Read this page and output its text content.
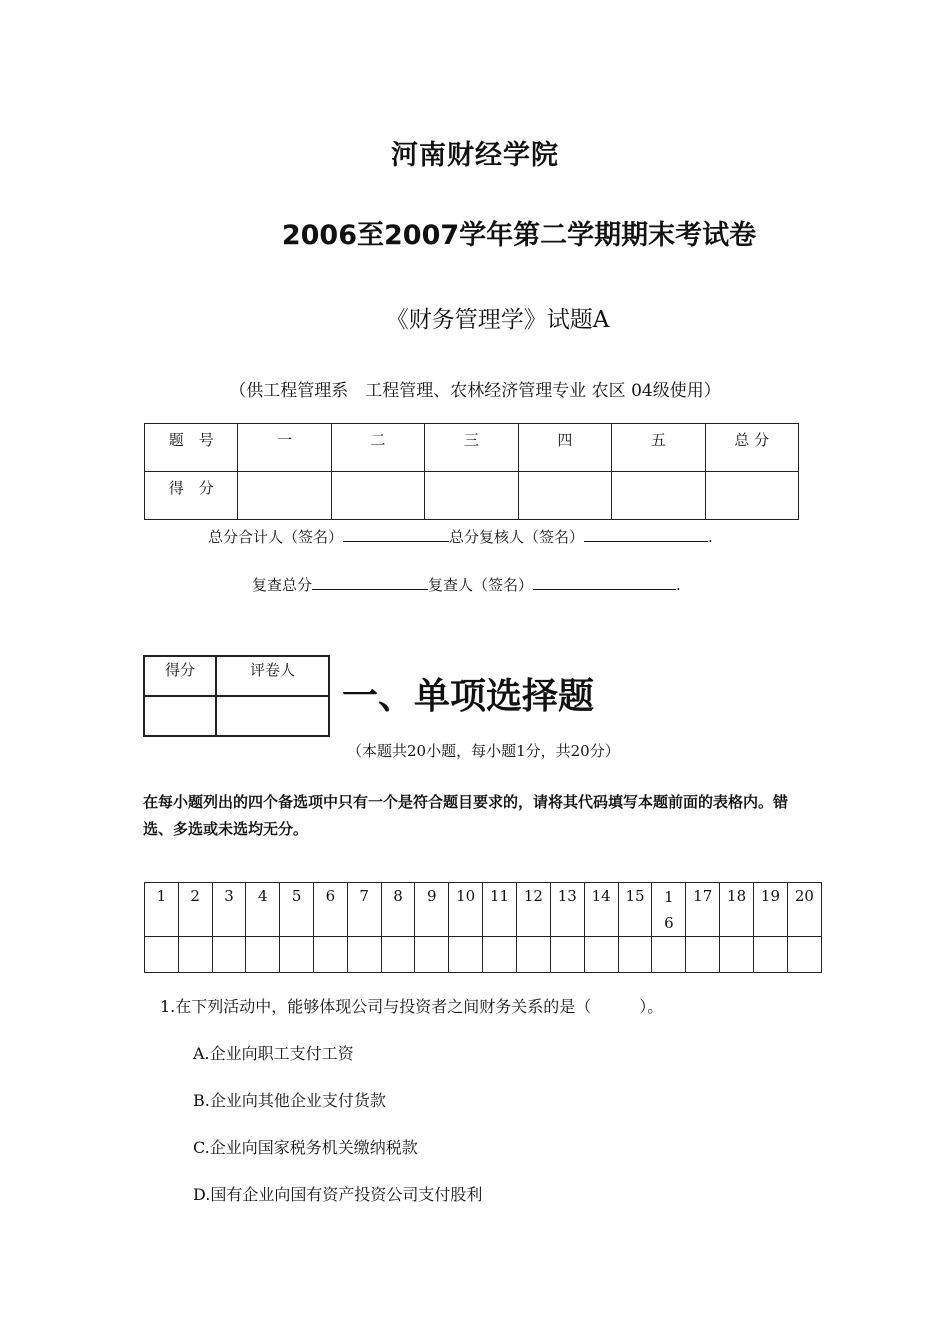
河南财经学院
2006至2007学年第二学期期末考试卷
《财务管理学》试题A
（供工程管理系　工程管理、农林经济管理专业 农区 04级使用）
题　号	一	二	三	四	五	总 分
得　分						
总分合计人（签名）	总分复核人（签名）	.
复查总分	复查人（签名）	.
得分	评卷人

一、单项选择题
（本题共20小题，每小题1分，共20分）
在每小题列出的四个备选项中只有一个是符合题目要求的，请将其代码填写本题前面的表格内。错选、多选或未选均无分。
1	2	3	4	5	6	7	8	9	10	11	12	13	14	15	16	17	18	19	20

1.在下列活动中，能够体现公司与投资者之间财务关系的是（　　　）。
A.企业向职工支付工资
B.企业向其他企业支付货款
C.企业向国家税务机关缴纳税款
D.国有企业向国有资产投资公司支付股利
